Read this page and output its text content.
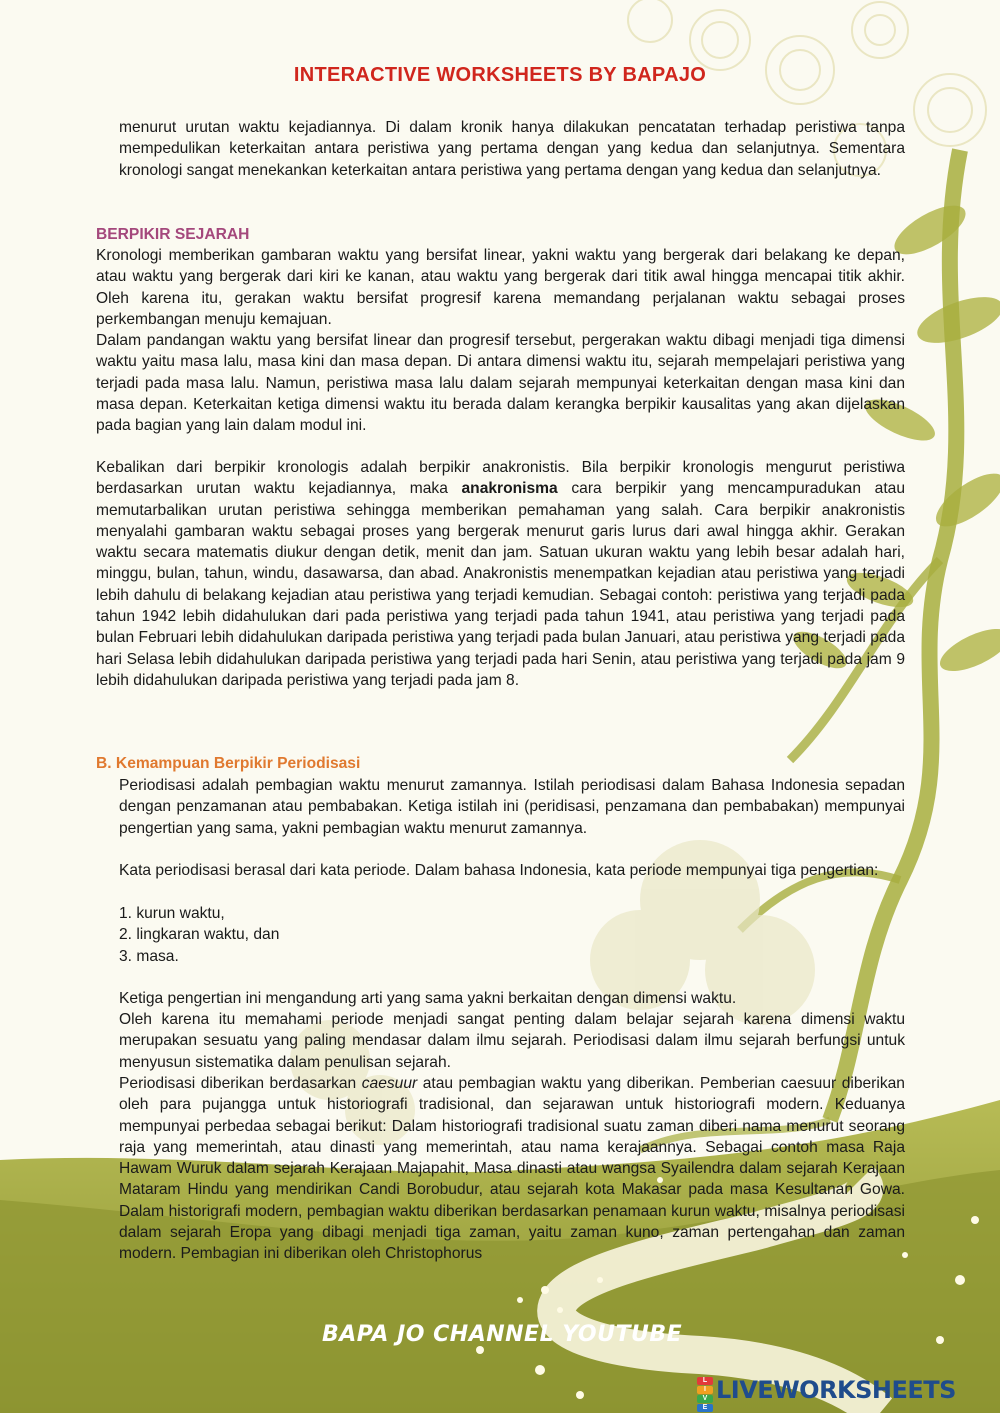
INTERACTIVE WORKSHEETS BY BAPAJO

menurut urutan waktu kejadiannya. Di dalam kronik hanya dilakukan pencatatan terhadap peristiwa tanpa mempedulikan keterkaitan antara peristiwa yang pertama dengan yang kedua dan selanjutnya. Sementara kronologi sangat menekankan keterkaitan antara peristiwa yang pertama dengan yang kedua dan selanjutnya.

BERPIKIR SEJARAH

Kronologi memberikan gambaran waktu yang bersifat linear, yakni waktu yang bergerak dari belakang ke depan, atau waktu yang bergerak dari kiri ke kanan, atau waktu yang bergerak dari titik awal hingga mencapai titik akhir. Oleh karena itu, gerakan waktu bersifat progresif karena memandang perjalanan waktu sebagai proses perkembangan menuju kemajuan.

Dalam pandangan waktu yang bersifat linear dan progresif tersebut, pergerakan waktu dibagi menjadi tiga dimensi waktu yaitu masa lalu, masa kini dan masa depan. Di antara dimensi waktu itu, sejarah mempelajari peristiwa yang terjadi pada masa lalu. Namun, peristiwa masa lalu dalam sejarah mempunyai keterkaitan dengan masa kini dan masa depan. Keterkaitan ketiga dimensi waktu itu berada dalam kerangka berpikir kausalitas yang akan dijelaskan pada bagian yang lain dalam modul ini.

Kebalikan dari berpikir kronologis adalah berpikir anakronistis. Bila berpikir kronologis mengurut peristiwa berdasarkan urutan waktu kejadiannya, maka anakronisma cara berpikir yang mencampuradukan atau memutarbalikan urutan peristiwa sehingga memberikan pemahaman yang salah. Cara berpikir anakronistis menyalahi gambaran waktu sebagai proses yang bergerak menurut garis lurus dari awal hingga akhir. Gerakan waktu secara matematis diukur dengan detik, menit dan jam. Satuan ukuran waktu yang lebih besar adalah hari, minggu, bulan, tahun, windu, dasawarsa, dan abad. Anakronistis menempatkan kejadian atau peristiwa yang terjadi lebih dahulu di belakang kejadian atau peristiwa yang terjadi kemudian. Sebagai contoh: peristiwa yang terjadi pada tahun 1942 lebih didahulukan dari pada peristiwa yang terjadi pada tahun 1941, atau peristiwa yang terjadi pada bulan Februari lebih didahulukan daripada peristiwa yang terjadi pada bulan Januari, atau peristiwa yang terjadi pada hari Selasa lebih didahulukan daripada peristiwa yang terjadi pada hari Senin, atau peristiwa yang terjadi pada jam 9 lebih didahulukan daripada peristiwa yang terjadi pada jam 8.

B. Kemampuan Berpikir Periodisasi

Periodisasi adalah pembagian waktu menurut zamannya. Istilah periodisasi dalam Bahasa Indonesia sepadan dengan penzamanan atau pembabakan. Ketiga istilah ini (peridisasi, penzamana dan pembabakan) mempunyai pengertian yang sama, yakni pembagian waktu menurut zamannya.

Kata periodisasi berasal dari kata periode. Dalam bahasa Indonesia, kata periode mempunyai tiga pengertian:

1. kurun waktu,
2. lingkaran waktu, dan
3. masa.

Ketiga pengertian ini mengandung arti yang sama yakni berkaitan dengan dimensi waktu.

Oleh karena itu memahami periode menjadi sangat penting dalam belajar sejarah karena dimensi waktu merupakan sesuatu yang paling mendasar dalam ilmu sejarah. Periodisasi dalam ilmu sejarah berfungsi untuk menyusun sistematika dalam penulisan sejarah.

Periodisasi diberikan berdasarkan caesuur atau pembagian waktu yang diberikan. Pemberian caesuur diberikan oleh para pujangga untuk historiografi tradisional, dan sejarawan untuk historiografi modern. Keduanya mempunyai perbedaa sebagai berikut: Dalam historiografi tradisional suatu zaman diberi nama menurut seorang raja yang memerintah, atau dinasti yang memerintah, atau nama kerajaannya. Sebagai contoh masa Raja Hawam Wuruk dalam sejarah Kerajaan Majapahit, Masa dinasti atau wangsa Syailendra dalam sejarah Kerajaan Mataram Hindu yang mendirikan Candi Borobudur, atau sejarah kota Makasar pada masa Kesultanan Gowa. Dalam historigrafi modern, pembagian waktu diberikan berdasarkan penamaan kurun waktu, misalnya periodisasi dalam sejarah Eropa yang dibagi menjadi tiga zaman, yaitu zaman kuno, zaman pertengahan dan zaman modern. Pembagian ini diberikan oleh Christophorus

BAPA JO CHANNEL YOUTUBE
L
I
V
E
LIVEWORKSHEETS
